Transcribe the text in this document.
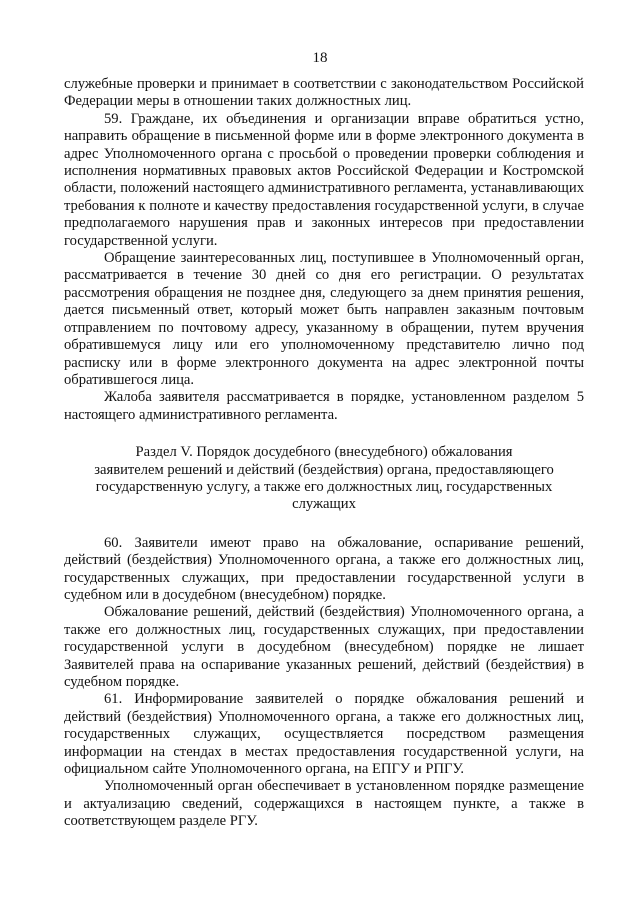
18

служебные проверки и принимает в соответствии с законодательством Российской Федерации меры в отношении таких должностных лиц.

59. Граждане, их объединения и организации вправе обратиться устно, направить обращение в письменной форме или в форме электронного документа в адрес Уполномоченного органа с просьбой о проведении проверки соблюдения и исполнения нормативных правовых актов Российской Федерации и Костромской области, положений настоящего административного регламента, устанавливающих требования к полноте и качеству предоставления государственной услуги, в случае предполагаемого нарушения прав и законных интересов при предоставлении государственной услуги.

Обращение заинтересованных лиц, поступившее в Уполномоченный орган, рассматривается в течение 30 дней со дня его регистрации. О результатах рассмотрения обращения не позднее дня, следующего за днем принятия решения, дается письменный ответ, который может быть направлен заказным почтовым отправлением по почтовому адресу, указанному в обращении, путем вручения обратившемуся лицу или его уполномоченному представителю лично под расписку или в форме электронного документа на адрес электронной почты обратившегося лица.

Жалоба заявителя рассматривается в порядке, установленном разделом 5 настоящего административного регламента.

Раздел V. Порядок досудебного (внесудебного) обжалования
заявителем решений и действий (бездействия) органа, предоставляющего
государственную услугу, а также его должностных лиц, государственных
служащих

60. Заявители имеют право на обжалование, оспаривание решений, действий (бездействия) Уполномоченного органа, а также его должностных лиц, государственных служащих, при предоставлении государственной услуги в судебном или в досудебном (внесудебном) порядке.

Обжалование решений, действий (бездействия) Уполномоченного органа, а также его должностных лиц, государственных служащих, при предоставлении государственной услуги в досудебном (внесудебном) порядке не лишает Заявителей права на оспаривание указанных решений, действий (бездействия) в судебном порядке.

61. Информирование заявителей о порядке обжалования решений и действий (бездействия) Уполномоченного органа, а также его должностных лиц, государственных служащих, осуществляется посредством размещения информации на стендах в местах предоставления государственной услуги, на официальном сайте Уполномоченного органа, на ЕПГУ и РПГУ.

Уполномоченный орган обеспечивает в установленном порядке размещение и актуализацию сведений, содержащихся в настоящем пункте, а также в соответствующем разделе РГУ.
